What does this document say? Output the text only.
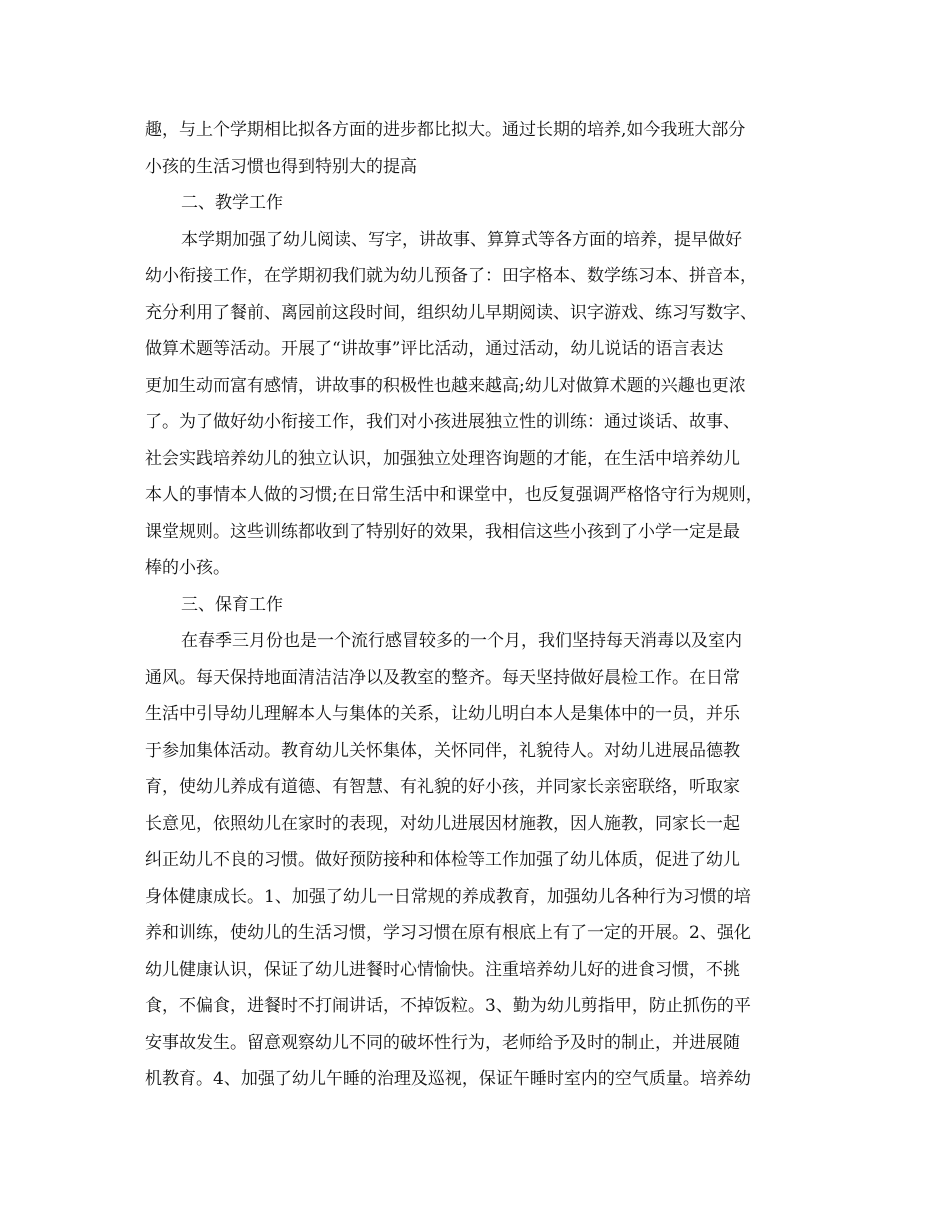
趣，与上个学期相比拟各方面的进步都比拟大。通过长期的培养,如今我班大部分
小孩的生活习惯也得到特别大的提高
二、教学工作
本学期加强了幼儿阅读、写字，讲故事、算算式等各方面的培养，提早做好
幼小衔接工作，在学期初我们就为幼儿预备了：田字格本、数学练习本、拼音本，
充分利用了餐前、离园前这段时间，组织幼儿早期阅读、识字游戏、练习写数字、
做算术题等活动。开展了“讲故事”评比活动，通过活动，幼儿说话的语言表达
更加生动而富有感情，讲故事的积极性也越来越高;幼儿对做算术题的兴趣也更浓
了。为了做好幼小衔接工作，我们对小孩进展独立性的训练：通过谈话、故事、
社会实践培养幼儿的独立认识，加强独立处理咨询题的才能，在生活中培养幼儿
本人的事情本人做的习惯;在日常生活中和课堂中，也反复强调严格恪守行为规则，
课堂规则。这些训练都收到了特别好的效果，我相信这些小孩到了小学一定是最
棒的小孩。
三、保育工作
在春季三月份也是一个流行感冒较多的一个月，我们坚持每天消毒以及室内
通风。每天保持地面清洁洁净以及教室的整齐。每天坚持做好晨检工作。在日常
生活中引导幼儿理解本人与集体的关系，让幼儿明白本人是集体中的一员，并乐
于参加集体活动。教育幼儿关怀集体，关怀同伴，礼貌待人。对幼儿进展品德教
育，使幼儿养成有道德、有智慧、有礼貌的好小孩，并同家长亲密联络，听取家
长意见，依照幼儿在家时的表现，对幼儿进展因材施教，因人施教，同家长一起
纠正幼儿不良的习惯。做好预防接种和体检等工作加强了幼儿体质，促进了幼儿
身体健康成长。1、加强了幼儿一日常规的养成教育，加强幼儿各种行为习惯的培
养和训练，使幼儿的生活习惯，学习习惯在原有根底上有了一定的开展。2、强化
幼儿健康认识，保证了幼儿进餐时心情愉快。注重培养幼儿好的进食习惯，不挑
食，不偏食，进餐时不打闹讲话，不掉饭粒。3、勤为幼儿剪指甲，防止抓伤的平
安事故发生。留意观察幼儿不同的破坏性行为，老师给予及时的制止，并进展随
机教育。4、加强了幼儿午睡的治理及巡视，保证午睡时室内的空气质量。培养幼
